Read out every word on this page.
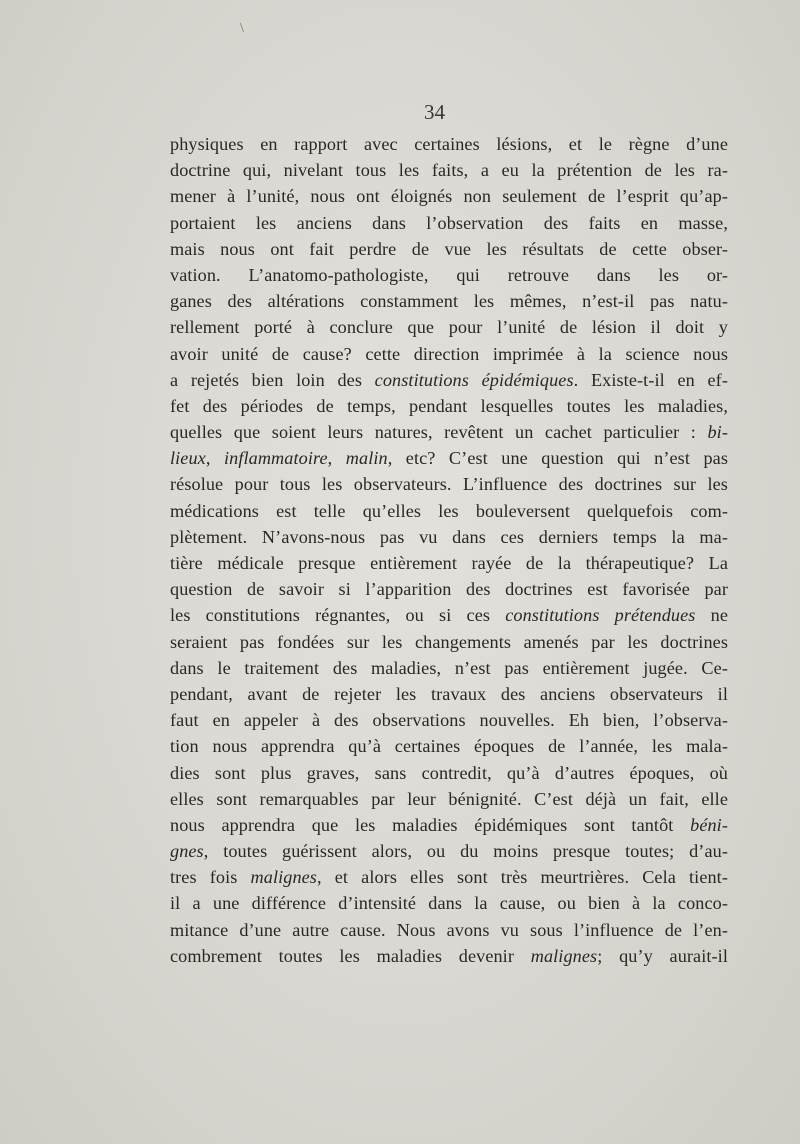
\
34
physiques en rapport avec certaines lésions, et le règne d’une
doctrine qui, nivelant tous les faits, a eu la prétention de les ra-
mener à l’unité, nous ont éloignés non seulement de l’esprit qu’ap-
portaient les anciens dans l’observation des faits en masse,
mais nous ont fait perdre de vue les résultats de cette obser-
vation. L’anatomo-pathologiste, qui retrouve dans les or-
ganes des altérations constamment les mêmes, n’est-il pas natu-
rellement porté à conclure que pour l’unité de lésion il doit y
avoir unité de cause? cette direction imprimée à la science nous
a rejetés bien loin des constitutions épidémiques. Existe-t-il en ef-
fet des périodes de temps, pendant lesquelles toutes les maladies,
quelles que soient leurs natures, revêtent un cachet particulier : bi-
lieux, inflammatoire, malin, etc? C’est une question qui n’est pas
résolue pour tous les observateurs. L’influence des doctrines sur les
médications est telle qu’elles les bouleversent quelquefois com-
plètement. N’avons-nous pas vu dans ces derniers temps la ma-
tière médicale presque entièrement rayée de la thérapeutique? La
question de savoir si l’apparition des doctrines est favorisée par
les constitutions régnantes, ou si ces constitutions prétendues ne
seraient pas fondées sur les changements amenés par les doctrines
dans le traitement des maladies, n’est pas entièrement jugée. Ce-
pendant, avant de rejeter les travaux des anciens observateurs il
faut en appeler à des observations nouvelles. Eh bien, l’observa-
tion nous apprendra qu’à certaines époques de l’année, les mala-
dies sont plus graves, sans contredit, qu’à d’autres époques, où
elles sont remarquables par leur bénignité. C’est déjà un fait, elle
nous apprendra que les maladies épidémiques sont tantôt béni-
gnes, toutes guérissent alors, ou du moins presque toutes; d’au-
tres fois malignes, et alors elles sont très meurtrières. Cela tient-
il a une différence d’intensité dans la cause, ou bien à la conco-
mitance d’une autre cause. Nous avons vu sous l’influence de l’en-
combrement toutes les maladies devenir malignes; qu’y aurait-il
